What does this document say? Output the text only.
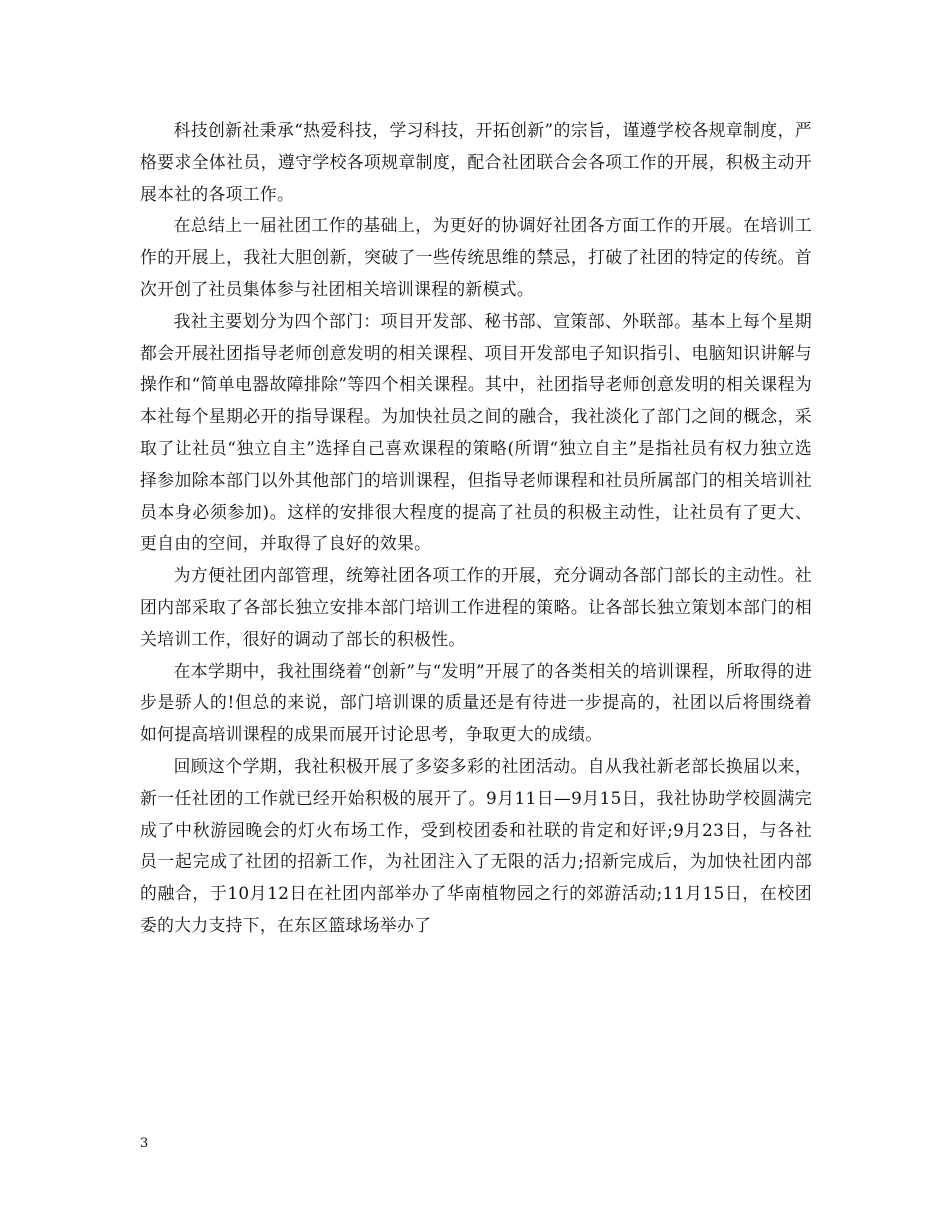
科技创新社秉承“热爱科技，学习科技，开拓创新”的宗旨，谨遵学校各规章制度，严格要求全体社员，遵守学校各项规章制度，配合社团联合会各项工作的开展，积极主动开展本社的各项工作。

在总结上一届社团工作的基础上，为更好的协调好社团各方面工作的开展。在培训工作的开展上，我社大胆创新，突破了一些传统思维的禁忌，打破了社团的特定的传统。首次开创了社员集体参与社团相关培训课程的新模式。

我社主要划分为四个部门：项目开发部、秘书部、宣策部、外联部。基本上每个星期都会开展社团指导老师创意发明的相关课程、项目开发部电子知识指引、电脑知识讲解与操作和“简单电器故障排除”等四个相关课程。其中，社团指导老师创意发明的相关课程为本社每个星期必开的指导课程。为加快社员之间的融合，我社淡化了部门之间的概念，采取了让社员“独立自主”选择自己喜欢课程的策略(所谓“独立自主”是指社员有权力独立选择参加除本部门以外其他部门的培训课程，但指导老师课程和社员所属部门的相关培训社员本身必须参加)。这样的安排很大程度的提高了社员的积极主动性，让社员有了更大、更自由的空间，并取得了良好的效果。

为方便社团内部管理，统筹社团各项工作的开展，充分调动各部门部长的主动性。社团内部采取了各部长独立安排本部门培训工作进程的策略。让各部长独立策划本部门的相关培训工作，很好的调动了部长的积极性。

在本学期中，我社围绕着“创新”与“发明”开展了的各类相关的培训课程，所取得的进步是骄人的!但总的来说，部门培训课的质量还是有待进一步提高的，社团以后将围绕着如何提高培训课程的成果而展开讨论思考，争取更大的成绩。

回顾这个学期，我社积极开展了多姿多彩的社团活动。自从我社新老部长换届以来，新一任社团的工作就已经开始积极的展开了。9月11日—9月15日，我社协助学校圆满完成了中秋游园晚会的灯火布场工作，受到校团委和社联的肯定和好评;9月23日，与各社员一起完成了社团的招新工作，为社团注入了无限的活力;招新完成后，为加快社团内部的融合，于10月12日在社团内部举办了华南植物园之行的郊游活动;11月15日，在校团委的大力支持下，在东区篮球场举办了

3
